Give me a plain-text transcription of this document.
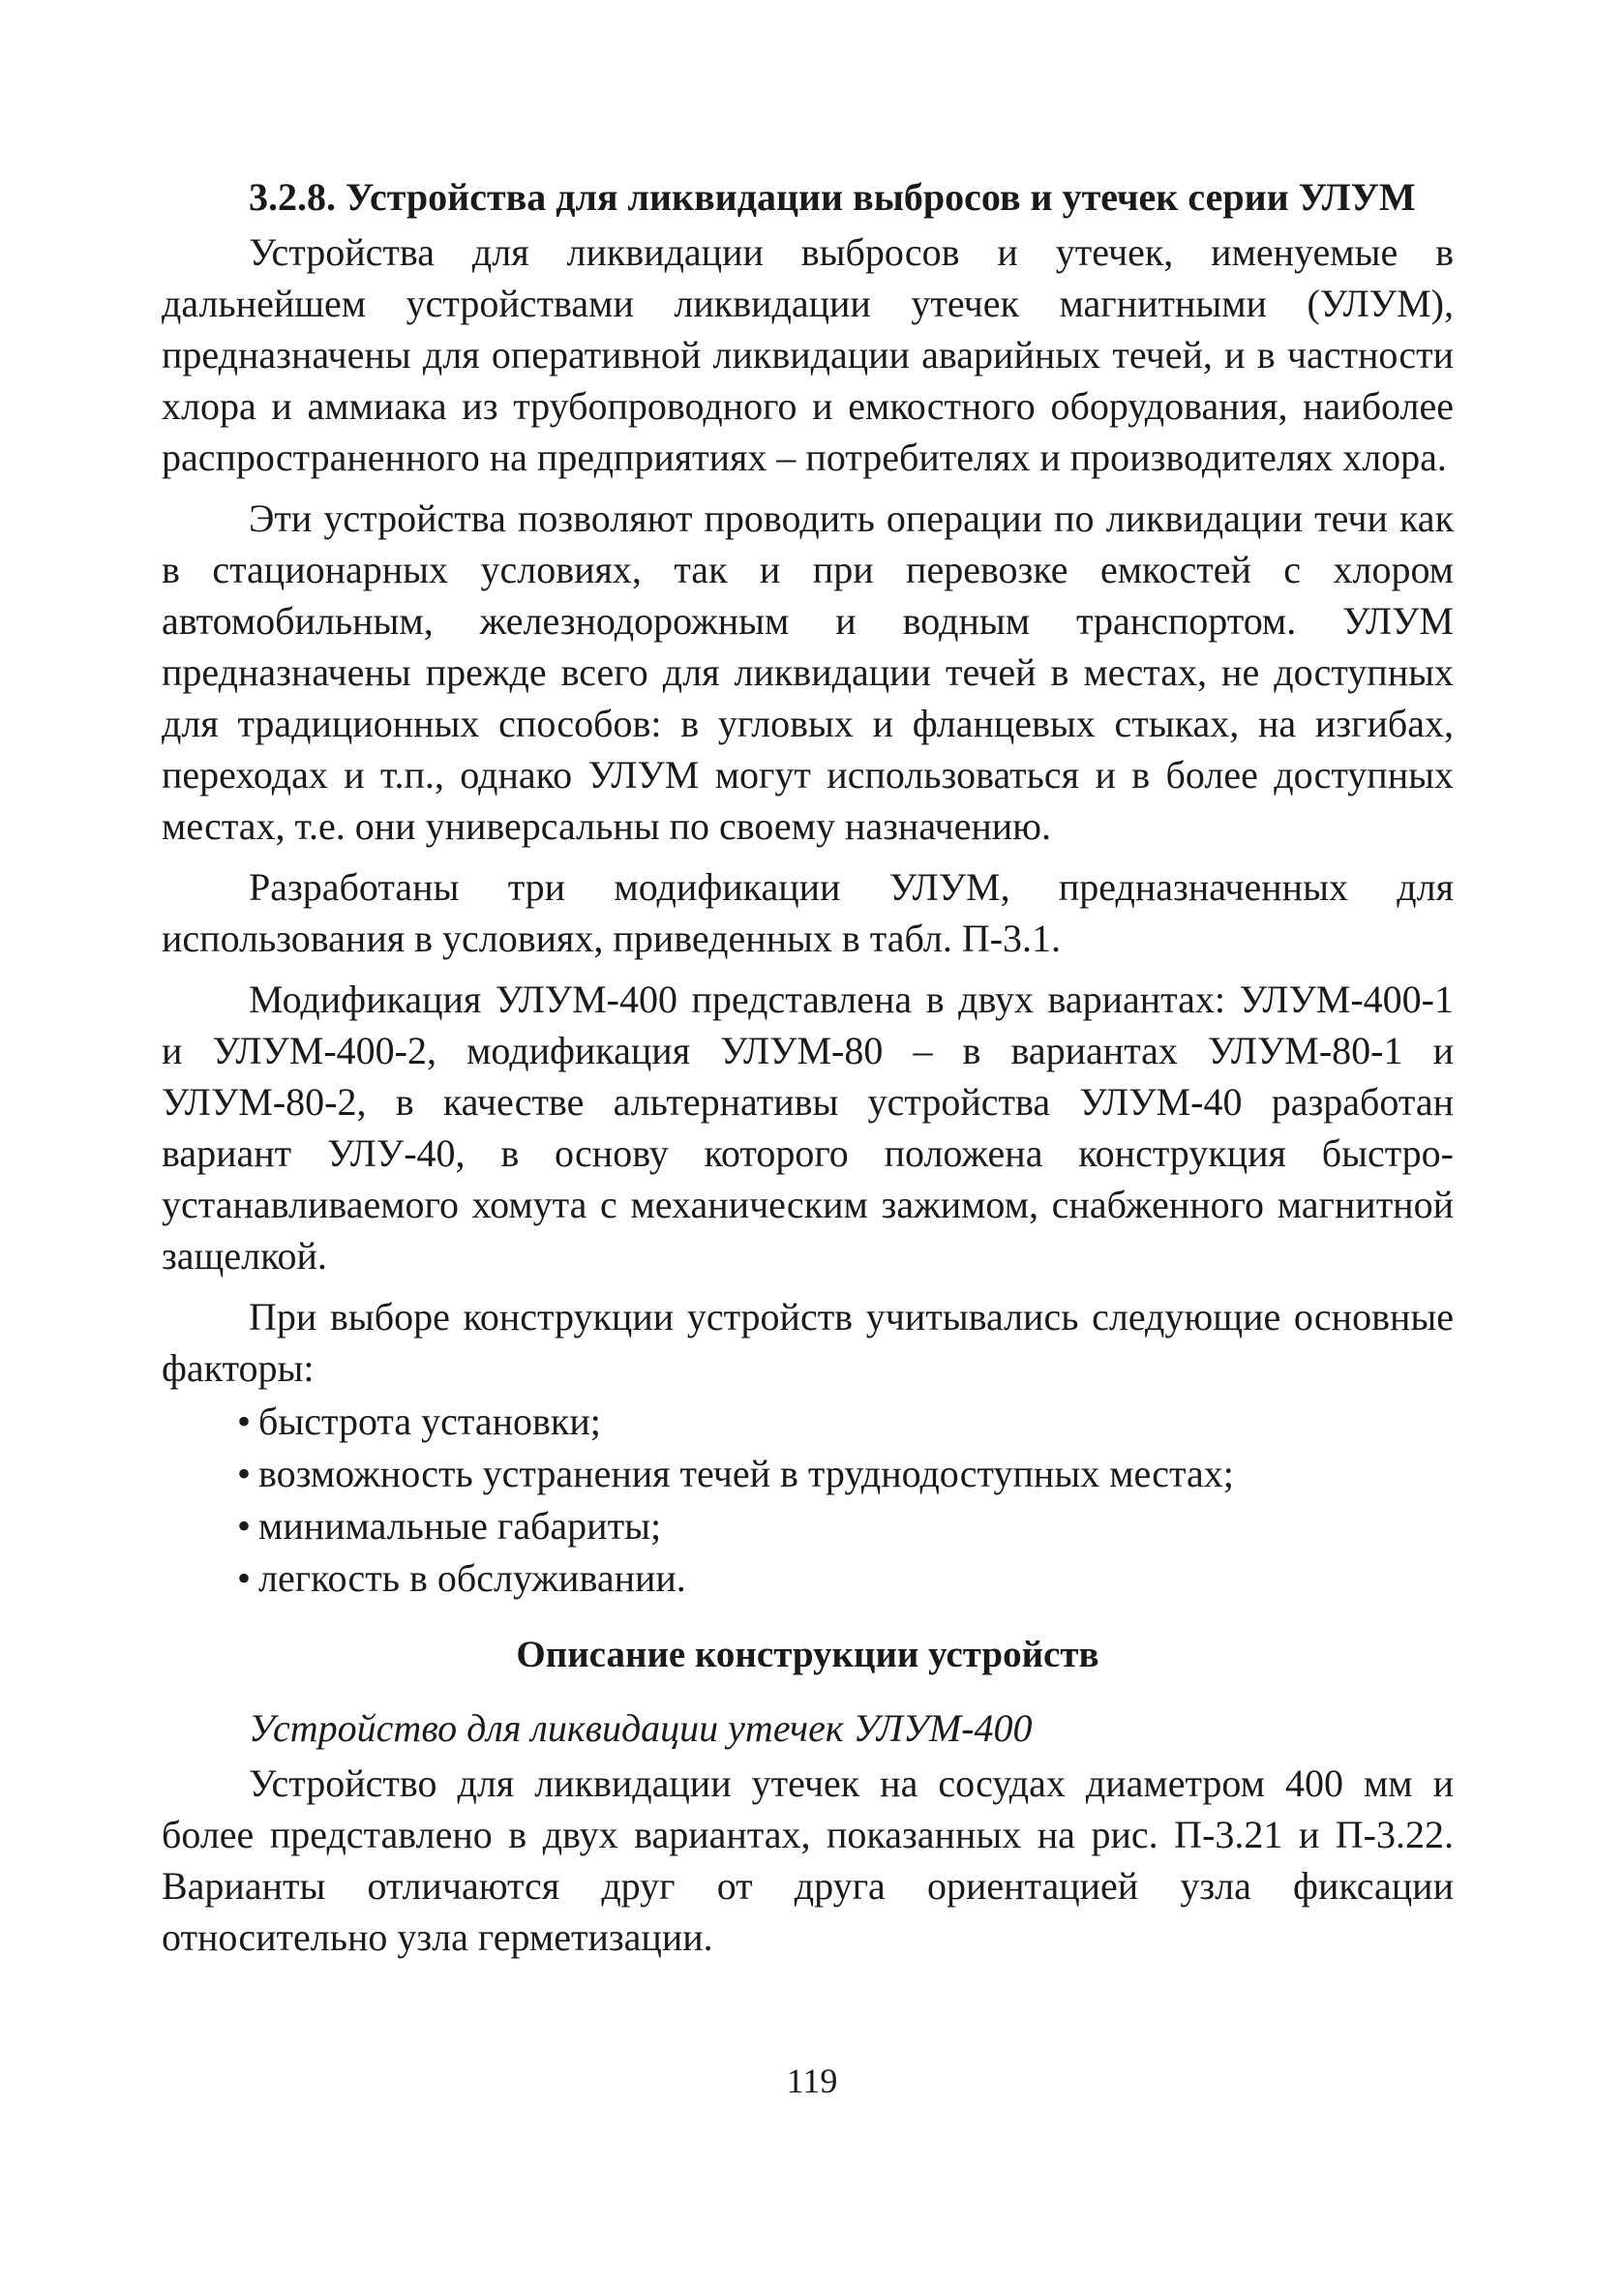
3.2.8. Устройства для ликвидации выбросов и утечек серии УЛУМ

Устройства для ликвидации выбросов и утечек, именуемые в дальнейшем устройствами ликвидации утечек магнитными (УЛУМ), предназначены для оперативной ликвидации аварийных течей, и в частности хлора и аммиака из трубопроводного и емкостного оборудования, наиболее распространенного на предприятиях – потребителях и производителях хлора.

Эти устройства позволяют проводить операции по ликвидации течи как в стационарных условиях, так и при перевозке емкостей с хлором автомобильным, железнодорожным и водным транспортом. УЛУМ предназначены прежде всего для ликвидации течей в местах, не доступных для традиционных способов: в угловых и фланцевых стыках, на изгибах, переходах и т.п., однако УЛУМ могут использоваться и в более доступных местах, т.е. они универсальны по своему назначению.

Разработаны три модификации УЛУМ, предназначенных для использования в условиях, приведенных в табл. П-3.1.

Модификация УЛУМ-400 представлена в двух вариантах: УЛУМ-400-1 и УЛУМ-400-2, модификация УЛУМ-80 – в вариантах УЛУМ-80-1 и УЛУМ-80-2, в качестве альтернативы устройства УЛУМ-40 разработан вариант УЛУ-40, в основу которого положена конструкция быстро-устанавливаемого хомута с механическим зажимом, снабженного магнитной защелкой.

При выборе конструкции устройств учитывались следующие основные факторы:

• быстрота установки;
• возможность устранения течей в труднодоступных местах;
• минимальные габариты;
• легкость в обслуживании.
Описание конструкции устройств
Устройство для ликвидации утечек УЛУМ-400

Устройство для ликвидации утечек на сосудах диаметром 400 мм и более представлено в двух вариантах, показанных на рис. П-3.21 и П-3.22. Варианты отличаются друг от друга ориентацией узла фиксации относительно узла герметизации.

119
